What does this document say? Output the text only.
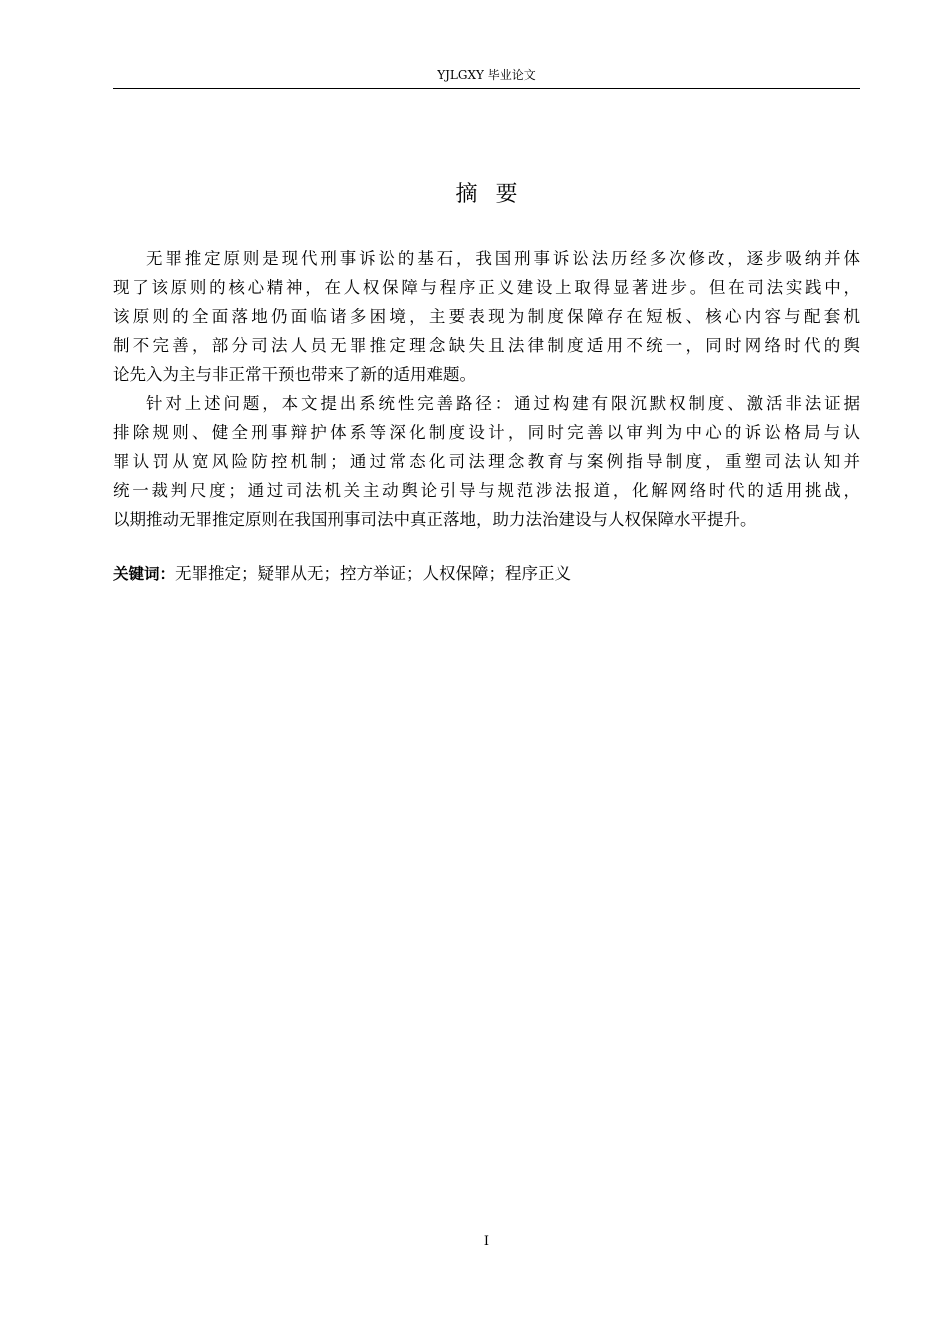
YJLGXY 毕业论文
摘要

无罪推定原则是现代刑事诉讼的基石，我国刑事诉讼法历经多次修改，逐步吸纳并体
现了该原则的核心精神，在人权保障与程序正义建设上取得显著进步。但在司法实践中，
该原则的全面落地仍面临诸多困境，主要表现为制度保障存在短板、核心内容与配套机
制不完善，部分司法人员无罪推定理念缺失且法律制度适用不统一，同时网络时代的舆
论先入为主与非正常干预也带来了新的适用难题。

针对上述问题，本文提出系统性完善路径：通过构建有限沉默权制度、激活非法证据
排除规则、健全刑事辩护体系等深化制度设计，同时完善以审判为中心的诉讼格局与认
罪认罚从宽风险防控机制；通过常态化司法理念教育与案例指导制度，重塑司法认知并
统一裁判尺度；通过司法机关主动舆论引导与规范涉法报道，化解网络时代的适用挑战，
以期推动无罪推定原则在我国刑事司法中真正落地，助力法治建设与人权保障水平提升。

关键词：无罪推定；疑罪从无；控方举证；人权保障；程序正义
I
